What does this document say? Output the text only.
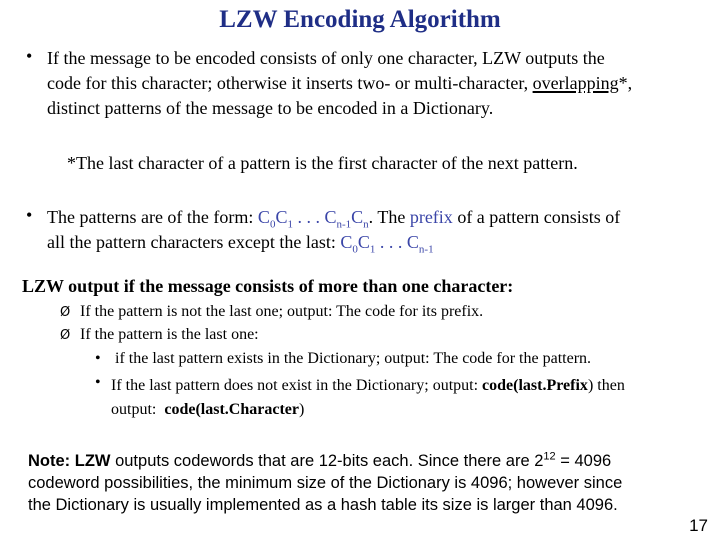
LZW Encoding Algorithm
• If the message to be encoded consists of only one character, LZW outputs the
code for this character; otherwise it inserts two- or multi-character, overlapping*,
distinct patterns of the message to be encoded in a Dictionary.
*The last character of a pattern is the first character of the next pattern.
• The patterns are of the form: $C_0C_1$ . . . $C_{n-1}C_n$. The prefix of a pattern consists of
all the pattern characters except the last: $C_0C_1$ . . . $C_{n-1}$
LZW output if the message consists of more than one character:
Ø If the pattern is not the last one; output: The code for its prefix.
Ø If the pattern is the last one:
• if the last pattern exists in the Dictionary; output: The code for the pattern.
• If the last pattern does not exist in the Dictionary; output: code(last.Prefix) then
output: code(last.Character)
Note: LZW outputs codewords that are 12-bits each. Since there are $2^{12} = 4096$
codeword possibilities, the minimum size of the Dictionary is 4096; however since
the Dictionary is usually implemented as a hash table its size is larger than 4096.
17
